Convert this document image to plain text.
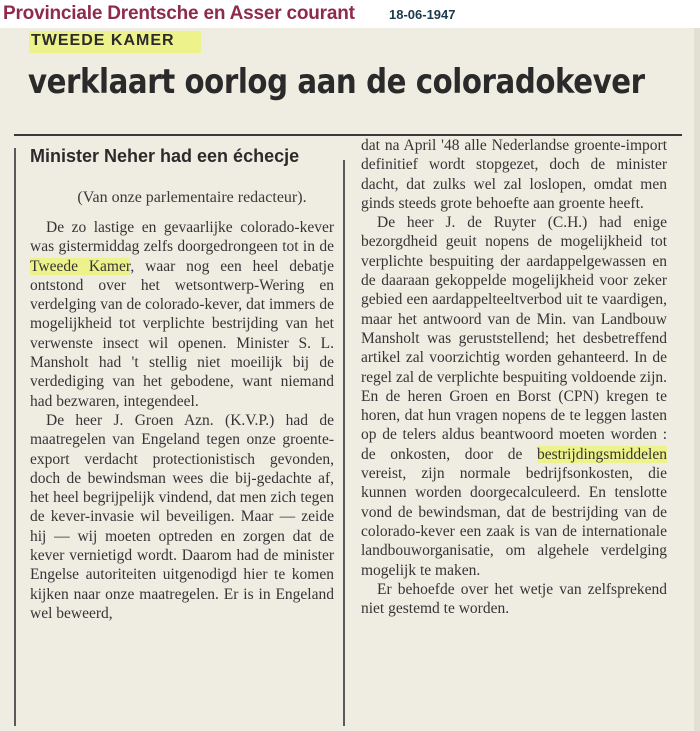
Provinciale Drentsche en Asser courant	18-06-1947
TWEEDE KAMER
verklaart oorlog aan de coloradokever
Minister Neher had een échecje
(Van onze parlementaire redacteur).

De zo lastige en gevaarlijke colorado-kever was gistermiddag zelfs doorgedrongeen tot in de Tweede Kamer, waar nog een heel debatje ontstond over het wetsontwerp-Wering en verdelging van de colorado-kever, dat immers de mogelijkheid tot verplichte bestrijding van het verwenste insect wil openen. Minister S. L. Mansholt had 't stellig niet moeilijk bij de verdediging van het gebodene, want niemand had bezwaren, integendeel.

De heer J. Groen Azn. (K.V.P.) had de maatregelen van Engeland tegen onze groente-export verdacht protectionistisch gevonden, doch de bewindsman wees die bij-gedachte af, het heel begrijpelijk vindend, dat men zich tegen de kever-invasie wil beveiligen. Maar — zeide hij — wij moeten optreden en zorgen dat de kever vernietigd wordt. Daarom had de minister Engelse autoriteiten uitgenodigd hier te komen kijken naar onze maatregelen. Er is in Engeland wel beweerd,

dat na April '48 alle Nederlandse groente-import definitief wordt stopgezet, doch de minister dacht, dat zulks wel zal loslopen, omdat men ginds steeds grote behoefte aan groente heeft.

De heer J. de Ruyter (C.H.) had enige bezorgdheid geuit nopens de mogelijkheid tot verplichte bespuiting der aardappelgewassen en de daaraan gekoppelde mogelijkheid voor zeker gebied een aardappelteeltverbod uit te vaardigen, maar het antwoord van de Min. van Landbouw Mansholt was geruststellend; het desbetreffend artikel zal voorzichtig worden gehanteerd. In de regel zal de verplichte bespuiting voldoende zijn. En de heren Groen en Borst (CPN) kregen te horen, dat hun vragen nopens de te leggen lasten op de telers aldus beantwoord moeten worden : de onkosten, door de bestrijdingsmiddelen vereist, zijn normale bedrijfsonkosten, die kunnen worden doorgecalculeerd. En tenslotte vond de bewindsman, dat de bestrijding van de colorado-kever een zaak is van de internationale landbouworganisatie, om algehele verdelging mogelijk te maken.

Er behoefde over het wetje van zelfsprekend niet gestemd te worden.
